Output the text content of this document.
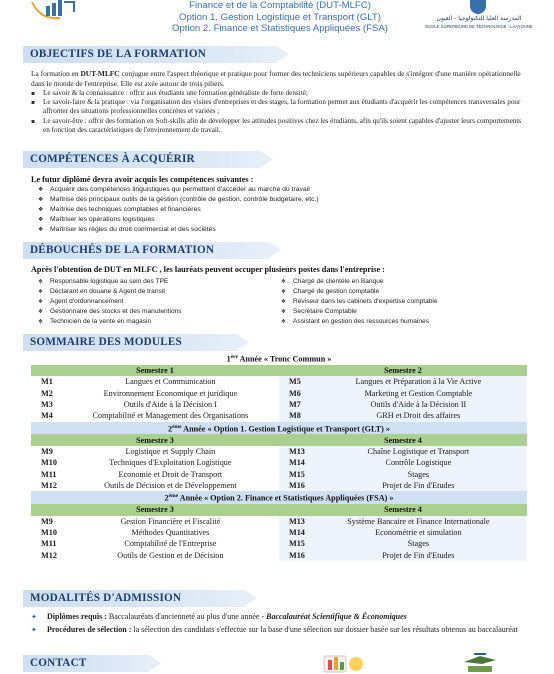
Finance et de la Comptabilité (DUT-MLFC)
Option 1. Gestion Logistique et Transport (GLT)
Option 2. Finance et Statistiques Appliquées (FSA)
المدرسة العليا للتكنولوجيا - العيون
ECOLE SUPERIEURE DE TECHNOLOGIE - LAAYOUNE
OBJECTIFS DE LA FORMATION
La formation en DUT-MLFC conjugue entre l'aspect théorique et pratique pour former des techniciens supérieurs capables de s'intégrer d'une manière opérationnelle dans le monde de l'entreprise. Elle est axée autour de trois piliers.
▪ Le savoir & la connaissance : offrir aux étudiants une formation généraliste de forte densité;
▪	Le savoir-faire & la pratique : via l'organisation des visites d'entreprises et des stages, la formation permet aux étudiants d'acquérir les compétences transversales pour affronter des situations professionnelles concrètes et variées ;
▪	Le savoir-être : offrir des formation en Soft-skills afin de développer les attitudes positives chez les étudiants, afin qu'ils soient capables d'ajuster leurs comportements en fonction des caractéristiques de l'environnement de travail.
COMPÉTENCES À ACQUÉRIR
Le futur diplômé devra avoir acquis les compétences suivantes :
❖ Acquérir des compétences linguistiques qui permettent d'accéder au marché du travail
❖ Maîtrise des principaux outils de la gestion (contrôle de gestion, contrôle budgétaire, etc.)
❖ Maîtrise des techniques comptables et financières
❖ Maîtriser les opérations logistiques
❖ Maîtriser les règles du droit commercial et des sociétés
DÉBOUCHÉS DE LA FORMATION
Après l'obtention de DUT en MLFC , les lauréats peuvent occuper plusieurs postes dans l'entreprise :
❖ Responsable logistique au sein des TPE
❖ Déclarant en douane & Agent de transit
❖ Agent d'ordonnancement
❖ Gestionnaire des stocks et des manutentions
❖ Technicien de la vente en magasin
❖ Chargé de clientèle en Banque
❖ Chargé de gestion comptable
❖ Réviseur dans les cabinets d'expertise comptable
❖ Secrétaire Comptable
❖ Assistant en gestion des ressources humaines
SOMMAIRE DES MODULES
1ère Année « Tronc Commun »			
Semestre 1		Semestre 2	
M1	Langues et Communication	M5	Langues et Préparation à la Vie Active
M2	Environnement Economique et juridique	M6	Marketing et Gestion Comptable
M3	Outils d'Aide à la Décision I	M7	Outils d'Aide à la Décision II
M4	Comptabilité et Management des Organisations	M8	GRH et Droit des affaires
2ème Année « Option 1. Gestion Logistique et Transport (GLT) »			
Semestre 3		Semestre 4	
M9	Logistique et Supply Chain	M13	Chaîne Logistique et Transport
M10	Techniques d'Exploitation Logistique	M14	Contrôle Logistique
M11	Economie et Droit de Transport	M15	Stages
M12	Outils de Décision et de Développement	M16	Projet de Fin d'Etudes
2ème Année « Option 2. Finance et Statistiques Appliquées (FSA) »			
Semestre 3		Semestre 4	
M9	Gestion Financière et Fiscalité	M13	Système Bancaire et Finance Internationale
M10	Méthodes Quantitatives	M14	Econométrie et simulation
M11	Comptabilité de l'Entreprise	M15	Stages
M12	Outils de Gestion et de Décision	M16	Projet de Fin d'Etudes
MODALITÉS D'ADMISSION
✦ Diplômes requis : Baccalauréats d'ancienneté au plus d'une année - Baccalauréat Scientifique & Économiques
✦	Procédures de sélection : la sélection des candidats s'effectue sur la base d'une sélection sur dossier basée sur les résultats obtenus au baccalauréat
CONTACT
